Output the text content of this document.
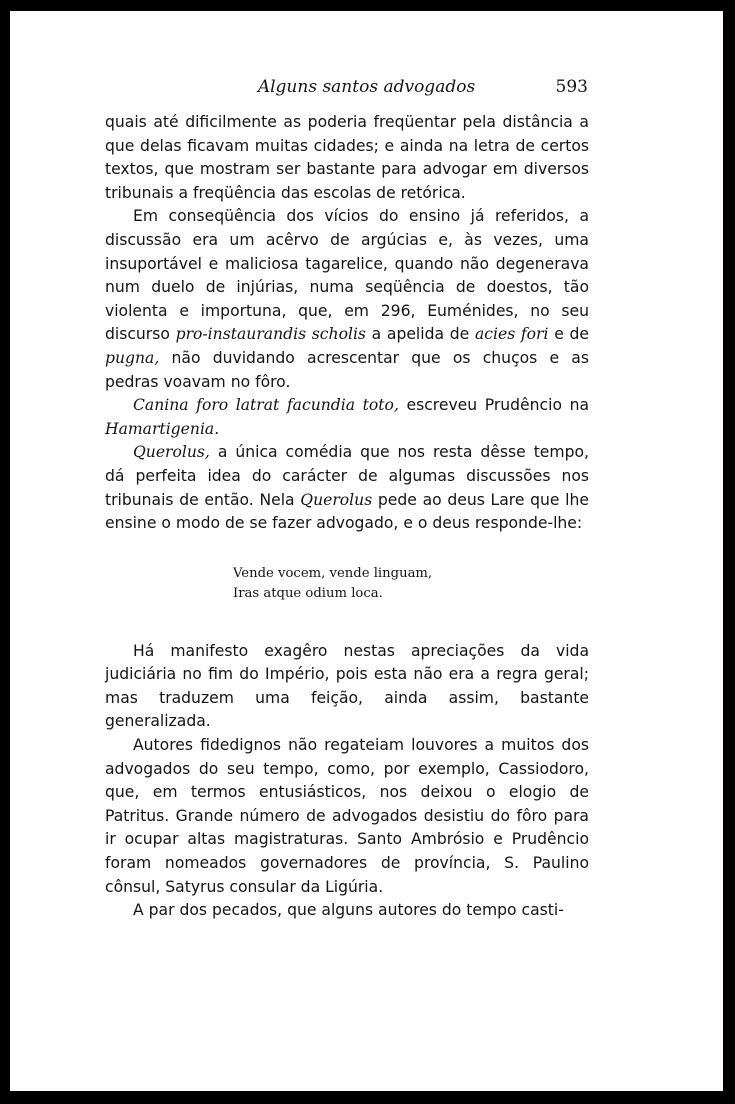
Alguns santos advogados	593

quais até dificilmente as poderia freqüentar pela distância a que delas ficavam muitas cidades; e ainda na letra de certos textos, que mostram ser bastante para advogar em diversos tribunais a freqüência das escolas de retórica.

Em conseqüência dos vícios do ensino já referidos, a discussão era um acêrvo de argúcias e, às vezes, uma insuportável e maliciosa tagarelice, quando não degenerava num duelo de injúrias, numa seqüência de doestos, tão violenta e importuna, que, em 296, Euménides, no seu discurso pro-instaurandis scholis a apelida de acies fori e de pugna, não duvidando acrescentar que os chuços e as pedras voavam no fôro.

Canina foro latrat facundia toto, escreveu Prudêncio na Hamartigenia.

Querolus, a única comédia que nos resta dêsse tempo, dá perfeita idea do carácter de algumas discussões nos tribunais de então. Nela Querolus pede ao deus Lare que lhe ensine o modo de se fazer advogado, e o deus responde-lhe:

Vende vocem, vende linguam,
Iras atque odium loca.

Há manifesto exagêro nestas apreciações da vida judiciária no fim do Império, pois esta não era a regra geral; mas traduzem uma feição, ainda assim, bastante generalizada.

Autores fidedignos não regateiam louvores a muitos dos advogados do seu tempo, como, por exemplo, Cassiodoro, que, em termos entusiásticos, nos deixou o elogio de Patritus. Grande número de advogados desistiu do fôro para ir ocupar altas magistraturas. Santo Ambrósio e Prudêncio foram nomeados governadores de província, S. Paulino cônsul, Satyrus consular da Ligúria.

A par dos pecados, que alguns autores do tempo casti-
